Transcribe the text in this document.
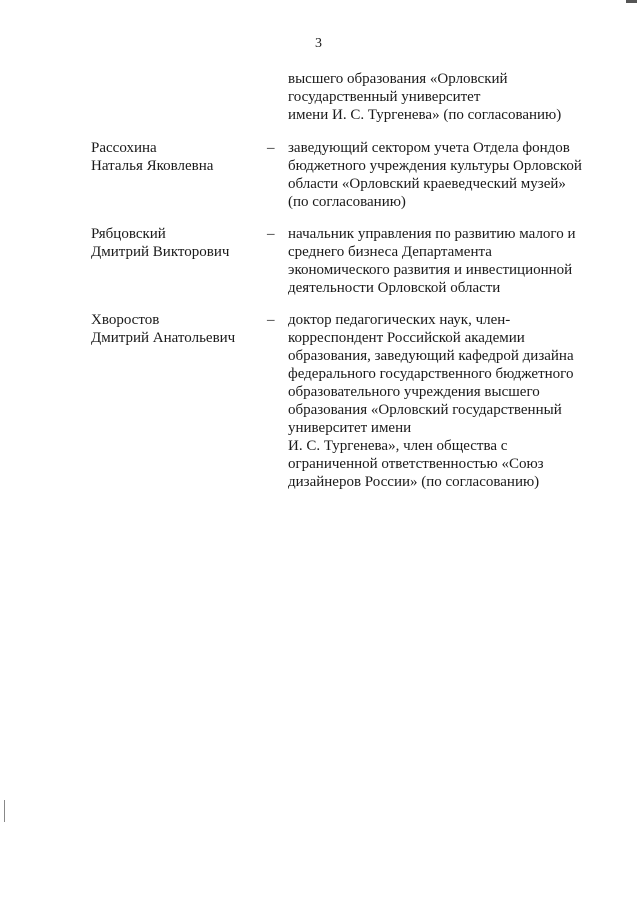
3
высшего образования «Орловский
государственный университет
имени И. С. Тургенева» (по согласованию)
Рассохина
Наталья Яковлевна
– заведующий сектором учета Отдела фондов
бюджетного учреждения культуры Орловской
области «Орловский краеведческий музей»
(по согласованию)
Рябцовский
Дмитрий Викторович
– начальник управления по развитию малого и
среднего бизнеса Департамента
экономического развития и инвестиционной
деятельности Орловской области
Хворостов
Дмитрий Анатольевич
– доктор педагогических наук, член-
корреспондент Российской академии
образования, заведующий кафедрой дизайна
федерального государственного бюджетного
образовательного учреждения высшего
образования «Орловский государственный
университет имени
И. С. Тургенева», член общества с
ограниченной ответственностью «Союз
дизайнеров России» (по согласованию)
